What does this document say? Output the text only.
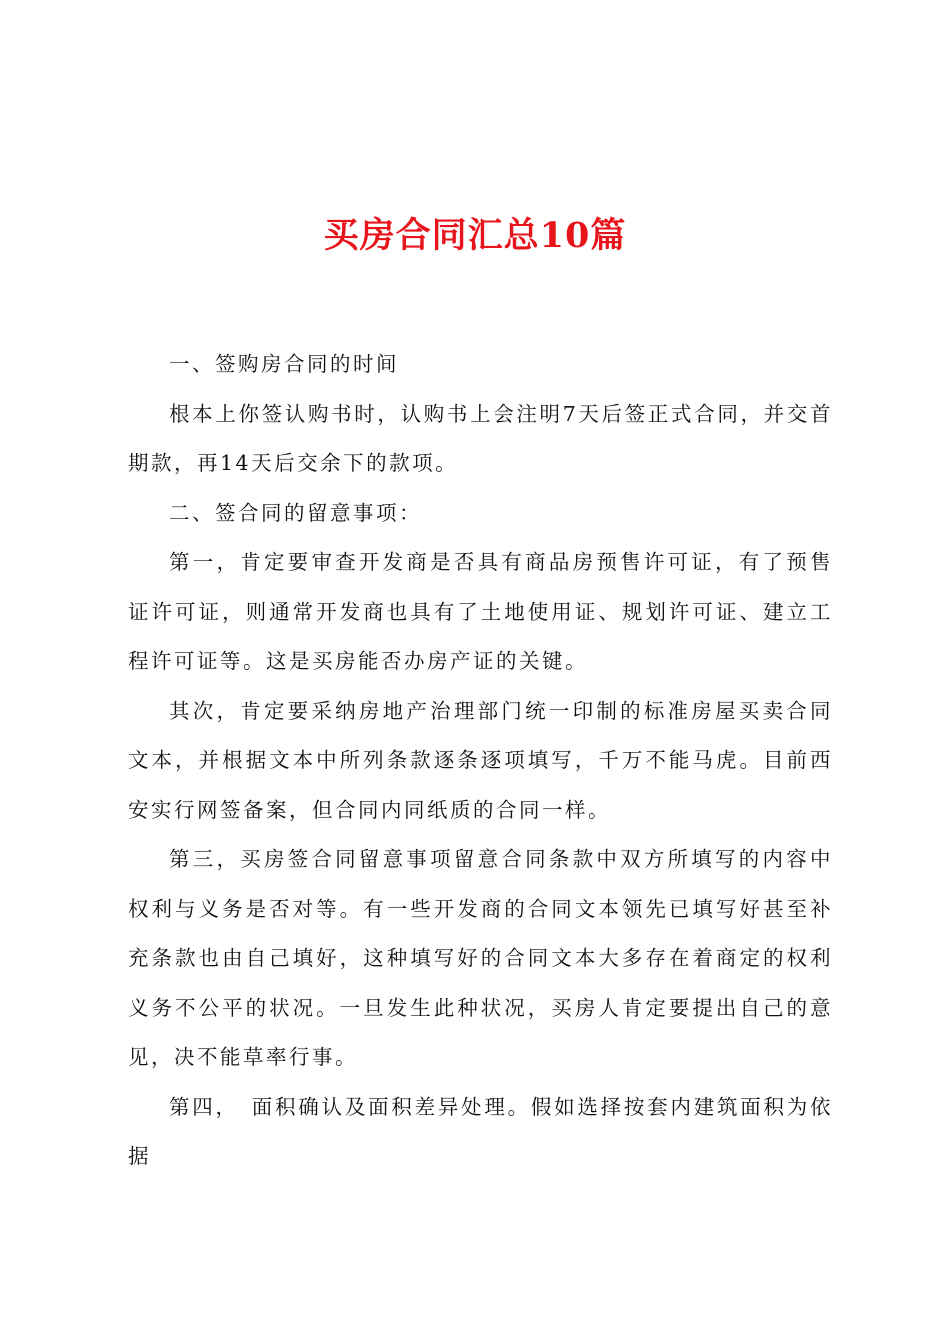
买房合同汇总10篇

一、签购房合同的时间

根本上你签认购书时，认购书上会注明7天后签正式合同，并交首期款，再14天后交余下的款项。

二、签合同的留意事项：

第一，肯定要审查开发商是否具有商品房预售许可证，有了预售证许可证，则通常开发商也具有了土地使用证、规划许可证、建立工程许可证等。这是买房能否办房产证的关键。

其次，肯定要采纳房地产治理部门统一印制的标准房屋买卖合同文本，并根据文本中所列条款逐条逐项填写，千万不能马虎。目前西安实行网签备案，但合同内同纸质的合同一样。

第三，买房签合同留意事项留意合同条款中双方所填写的内容中权利与义务是否对等。有一些开发商的合同文本领先已填写好甚至补充条款也由自己填好，这种填写好的合同文本大多存在着商定的权利义务不公平的状况。一旦发生此种状况，买房人肯定要提出自己的意见，决不能草率行事。

第四，　面积确认及面积差异处理。假如选择按套内建筑面积为依据
